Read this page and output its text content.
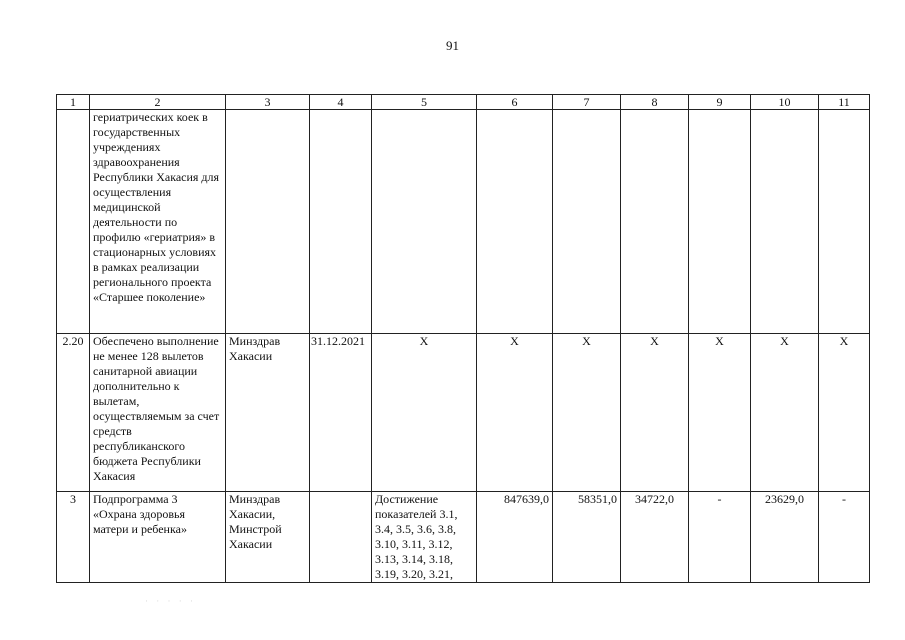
91
1	2	3	4	5	6	7	8	9	10	11
	гериатрических коек в государственных учреждениях здравоохранения Республики Хакасия для осуществления медицинской деятельности по профилю «гериатрия» в стационарных условиях в рамках реализации регионального проекта «Старшее поколение»									
2.20	Обеспечено выполнение не менее 128 вылетов санитарной авиации дополнительно к вылетам, осуществляемым за счет средств республиканского бюджета Республики Хакасия	Минздрав Хакасии	31.12.2021	Х	Х	Х	Х	Х	Х	Х
3	Подпрограмма 3 «Охрана здоровья матери и ребенка»	Минздрав Хакасии, Минстрой Хакасии		Достижение показателей 3.1, 3.4, 3.5, 3.6, 3.8, 3.10, 3.11, 3.12, 3.13, 3.14, 3.18, 3.19, 3.20, 3.21,	847639,0	58351,0	34722,0	-	23629,0	-
· · · · ·
